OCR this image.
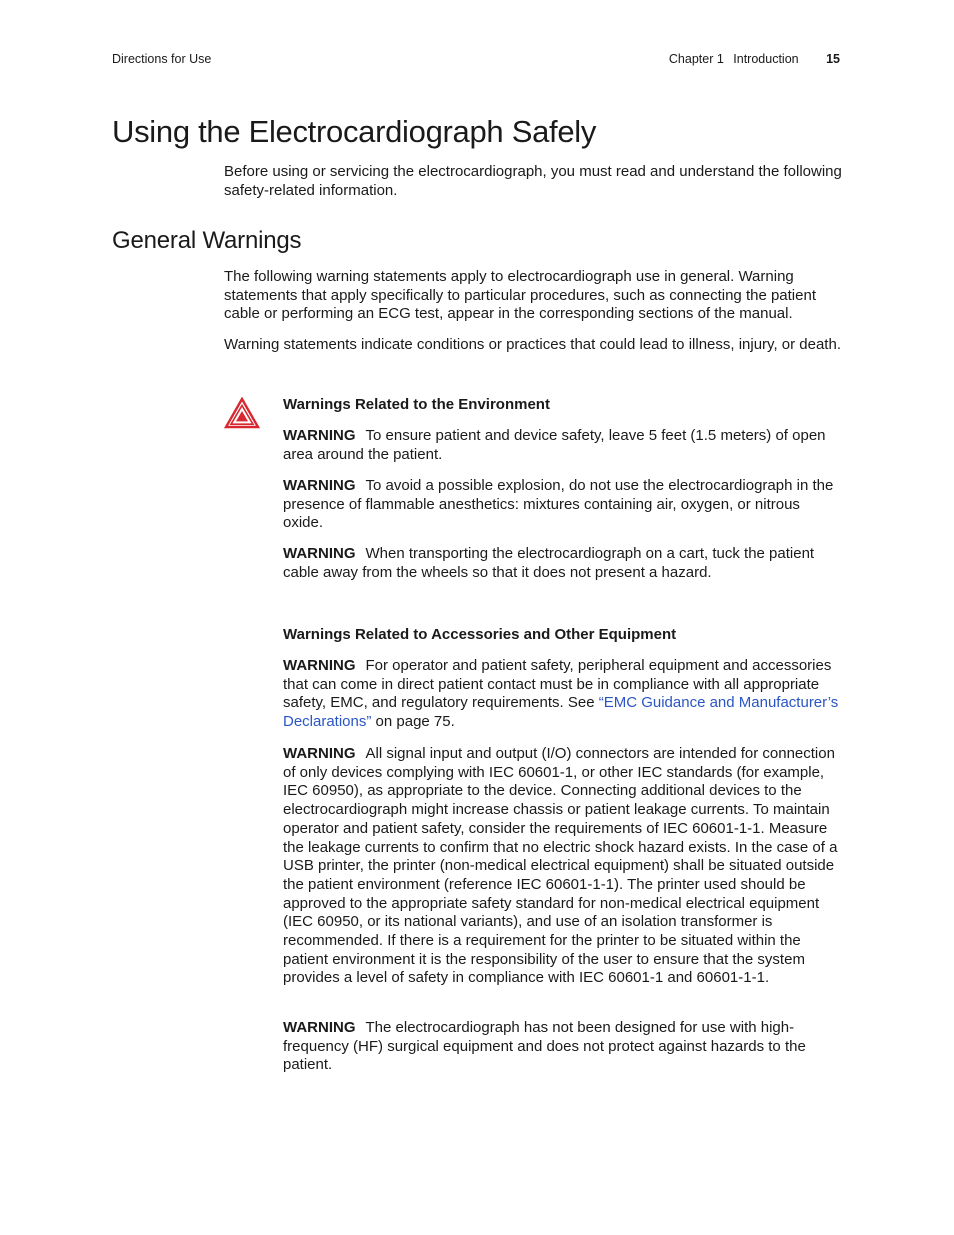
Directions for Use	Chapter 1 Introduction 15
Using the Electrocardiograph Safely

Before using or servicing the electrocardiograph, you must read and understand the following safety-related information.

General Warnings

The following warning statements apply to electrocardiograph use in general. Warning statements that apply specifically to particular procedures, such as connecting the patient cable or performing an ECG test, appear in the corresponding sections of the manual.

Warning statements indicate conditions or practices that could lead to illness, injury, or death.

Warnings Related to the Environment

WARNING To ensure patient and device safety, leave 5 feet (1.5 meters) of open area around the patient.

WARNING To avoid a possible explosion, do not use the electrocardiograph in the presence of flammable anesthetics: mixtures containing air, oxygen, or nitrous oxide.

WARNING When transporting the electrocardiograph on a cart, tuck the patient cable away from the wheels so that it does not present a hazard.

Warnings Related to Accessories and Other Equipment

WARNING For operator and patient safety, peripheral equipment and accessories that can come in direct patient contact must be in compliance with all appropriate safety, EMC, and regulatory requirements. See “EMC Guidance and Manufacturer’s Declarations” on page 75.

WARNING All signal input and output (I/O) connectors are intended for connection of only devices complying with IEC 60601-1, or other IEC standards (for example, IEC 60950), as appropriate to the device. Connecting additional devices to the electrocardiograph might increase chassis or patient leakage currents. To maintain operator and patient safety, consider the requirements of IEC 60601-1-1. Measure the leakage currents to confirm that no electric shock hazard exists. In the case of a USB printer, the printer (non-medical electrical equipment) shall be situated outside the patient environment (reference IEC 60601-1-1). The printer used should be approved to the appropriate safety standard for non-medical electrical equipment (IEC 60950, or its national variants), and use of an isolation transformer is recommended. If there is a requirement for the printer to be situated within the patient environment it is the responsibility of the user to ensure that the system provides a level of safety in compliance with IEC 60601-1 and 60601-1-1.

WARNING The electrocardiograph has not been designed for use with high-frequency (HF) surgical equipment and does not protect against hazards to the patient.
